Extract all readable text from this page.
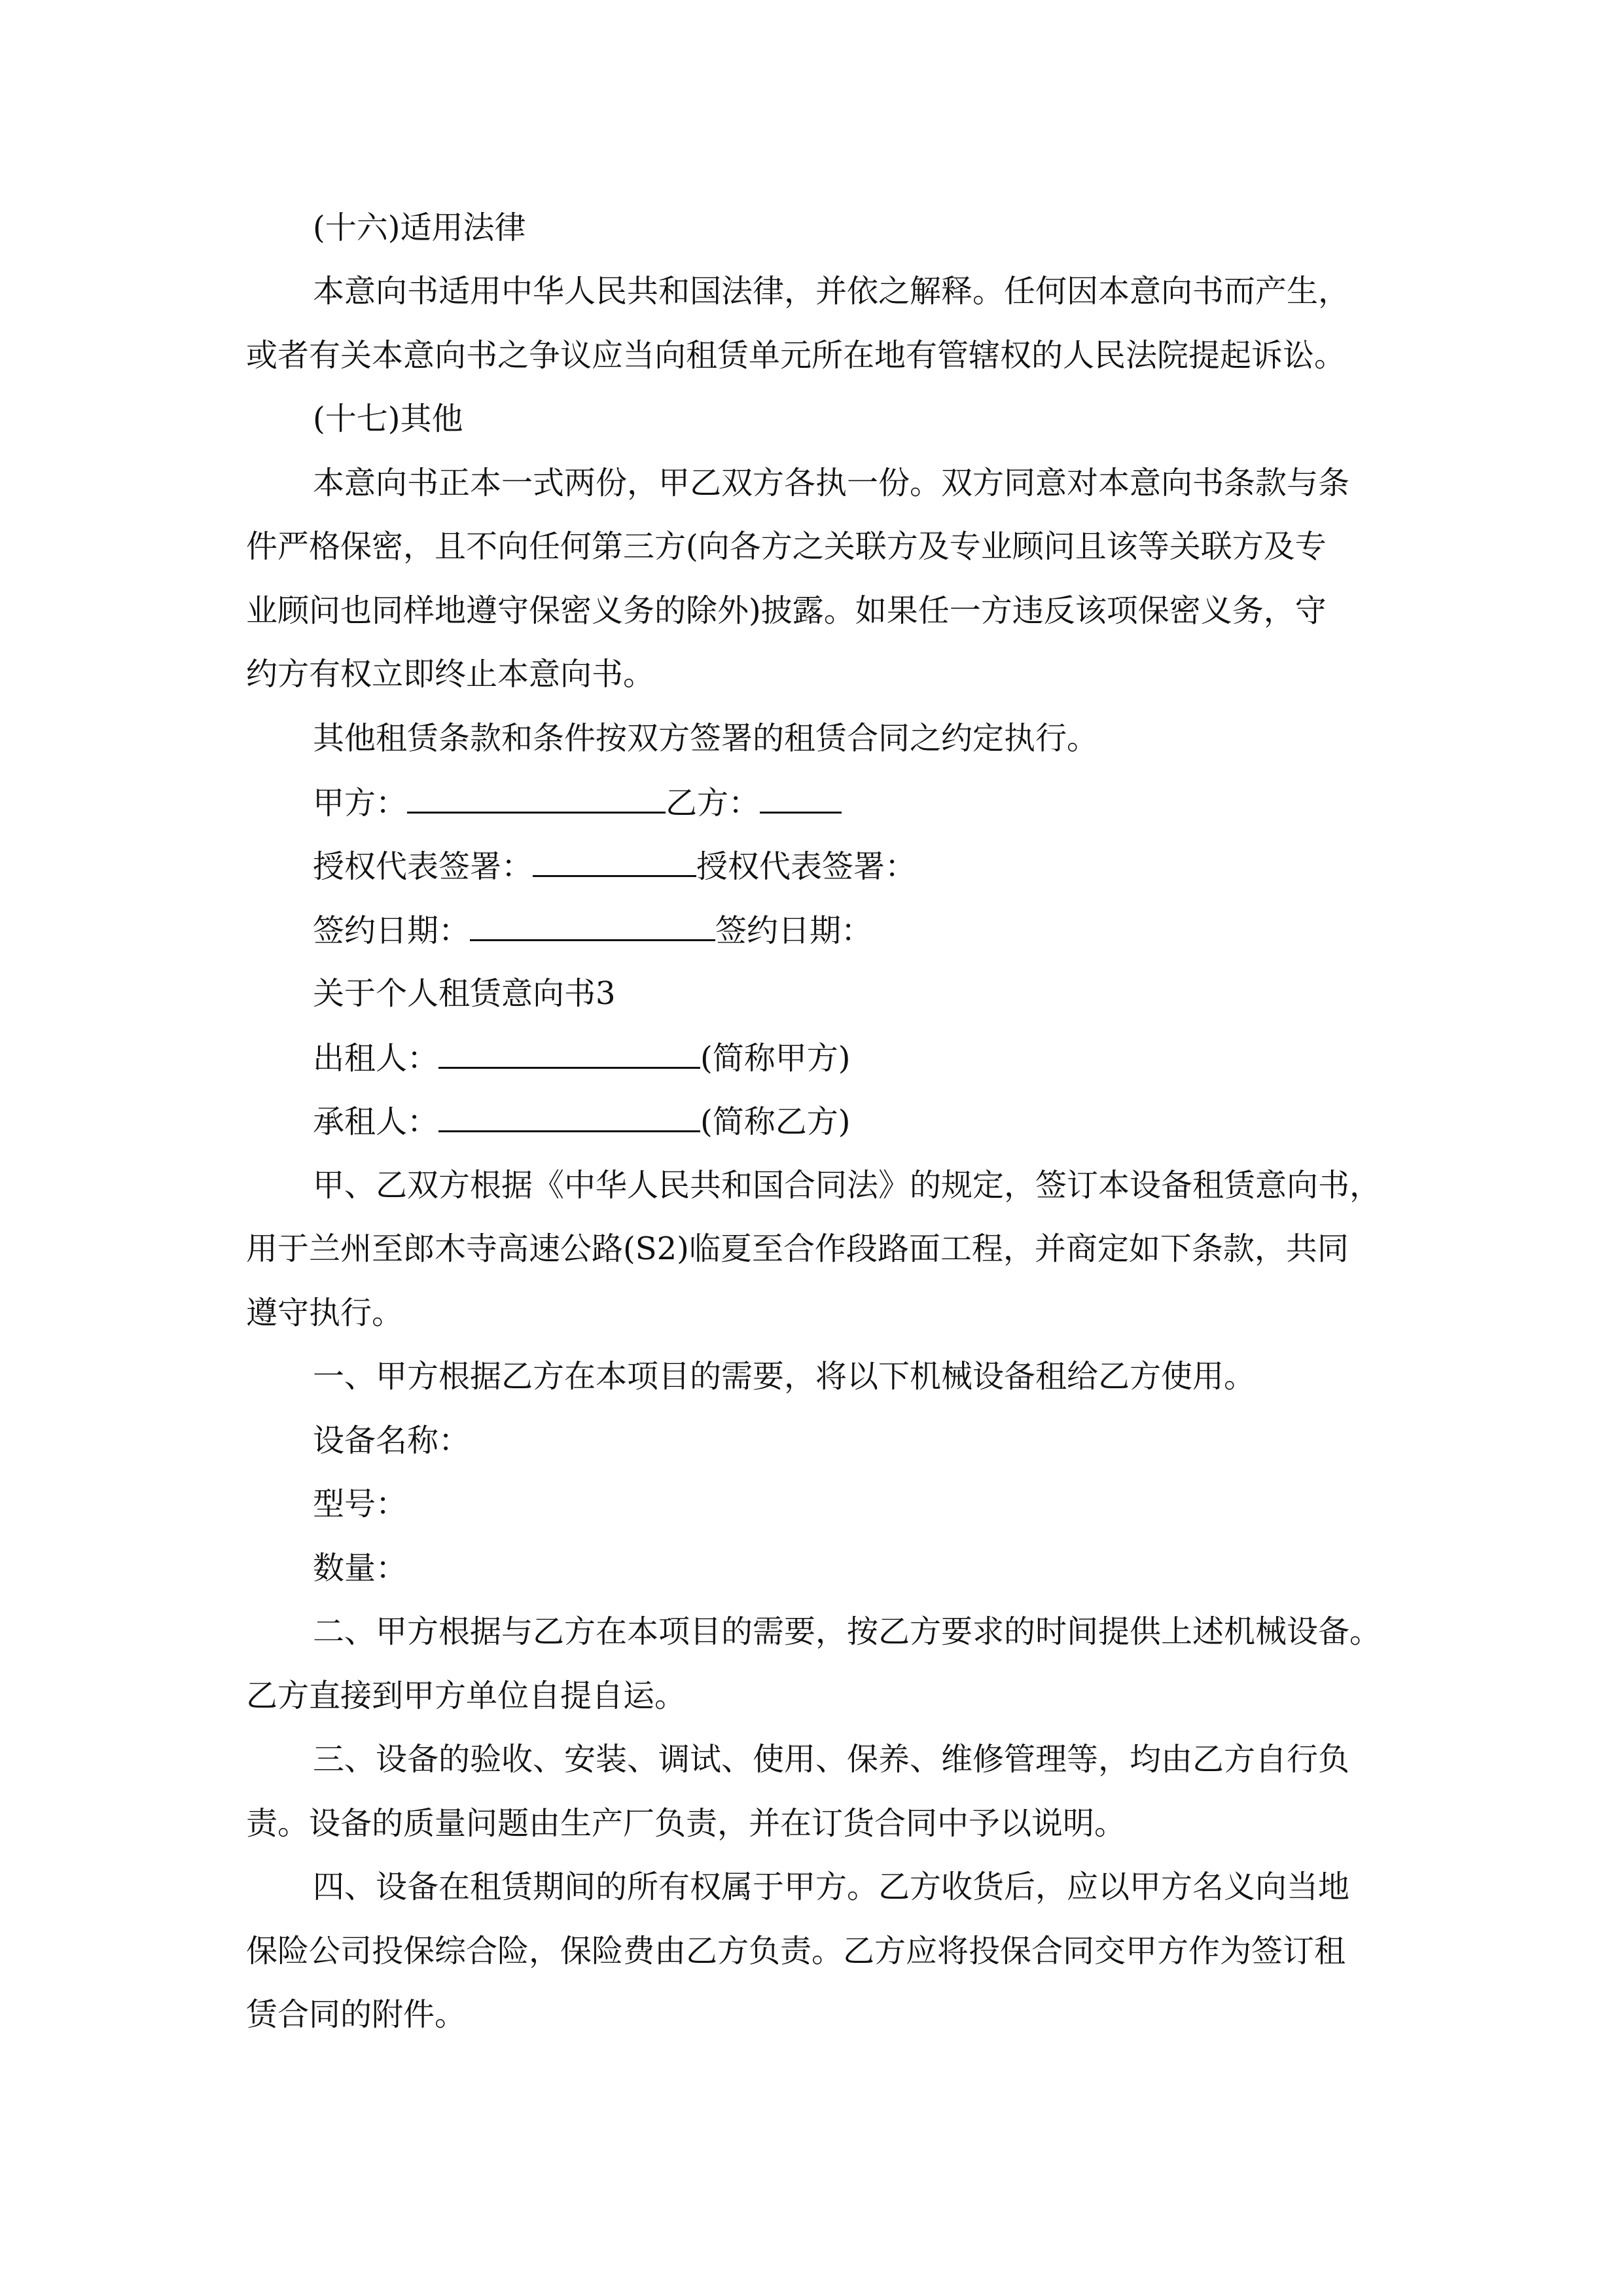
(十六)适用法律
本意向书适用中华人民共和国法律，并依之解释。任何因本意向书而产生，
或者有关本意向书之争议应当向租赁单元所在地有管辖权的人民法院提起诉讼。
(十七)其他
本意向书正本一式两份，甲乙双方各执一份。双方同意对本意向书条款与条
件严格保密，且不向任何第三方(向各方之关联方及专业顾问且该等关联方及专
业顾问也同样地遵守保密义务的除外)披露。如果任一方违反该项保密义务，守
约方有权立即终止本意向书。
其他租赁条款和条件按双方签署的租赁合同之约定执行。
甲方：	乙方：
授权代表签署：	授权代表签署：
签约日期：	签约日期：
关于个人租赁意向书3
出租人：	(简称甲方)
承租人：	(简称乙方)
甲、乙双方根据《中华人民共和国合同法》的规定，签订本设备租赁意向书，
用于兰州至郎木寺高速公路(S2)临夏至合作段路面工程，并商定如下条款，共同
遵守执行。
一、甲方根据乙方在本项目的需要，将以下机械设备租给乙方使用。
设备名称：
型号：
数量：
二、甲方根据与乙方在本项目的需要，按乙方要求的时间提供上述机械设备。
乙方直接到甲方单位自提自运。
三、设备的验收、安装、调试、使用、保养、维修管理等，均由乙方自行负
责。设备的质量问题由生产厂负责，并在订货合同中予以说明。
四、设备在租赁期间的所有权属于甲方。乙方收货后，应以甲方名义向当地
保险公司投保综合险，保险费由乙方负责。乙方应将投保合同交甲方作为签订租
赁合同的附件。
